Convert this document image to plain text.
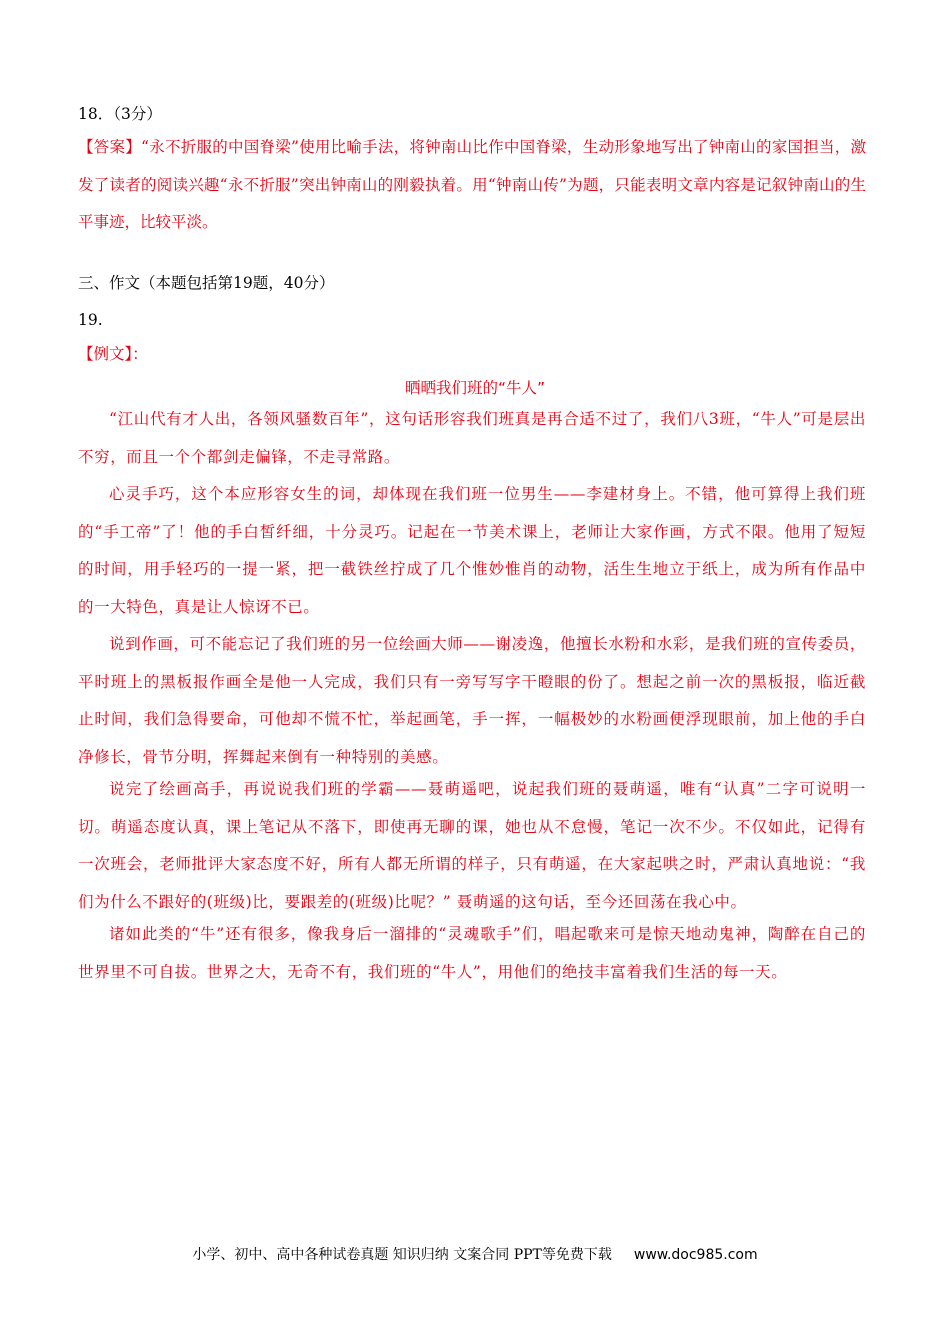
18．（3分）

【答案】“永不折服的中国脊梁”使用比喻手法，将钟南山比作中国脊梁，生动形象地写出了钟南山的家国担当，激发了读者的阅读兴趣“永不折服”突出钟南山的刚毅执着。用“钟南山传”为题，只能表明文章内容是记叙钟南山的生平事迹，比较平淡。

三、作文（本题包括第19题，40分）
19.
【例文】：
晒晒我们班的“牛人”

“江山代有才人出，各领风骚数百年”，这句话形容我们班真是再合适不过了，我们八3班，“牛人”可是层出不穷，而且一个个都剑走偏锋，不走寻常路。

心灵手巧，这个本应形容女生的词，却体现在我们班一位男生——李建材身上。不错，他可算得上我们班的“手工帝”了！他的手白皙纤细，十分灵巧。记起在一节美术课上，老师让大家作画，方式不限。他用了短短的时间，用手轻巧的一提一紧，把一截铁丝拧成了几个惟妙惟肖的动物，活生生地立于纸上，成为所有作品中的一大特色，真是让人惊讶不已。

说到作画，可不能忘记了我们班的另一位绘画大师——谢凌逸，他擅长水粉和水彩，是我们班的宣传委员，平时班上的黑板报作画全是他一人完成，我们只有一旁写写字干瞪眼的份了。想起之前一次的黑板报，临近截止时间，我们急得要命，可他却不慌不忙，举起画笔，手一挥，一幅极妙的水粉画便浮现眼前，加上他的手白净修长，骨节分明，挥舞起来倒有一种特别的美感。

说完了绘画高手，再说说我们班的学霸——聂萌遥吧，说起我们班的聂萌遥，唯有“认真”二字可说明一切。萌遥态度认真，课上笔记从不落下，即使再无聊的课，她也从不怠慢，笔记一次不少。不仅如此，记得有一次班会，老师批评大家态度不好，所有人都无所谓的样子，只有萌遥，在大家起哄之时，严肃认真地说：“我们为什么不跟好的(班级)比，要跟差的(班级)比呢？” 聂萌遥的这句话，至今还回荡在我心中。

诸如此类的“牛”还有很多，像我身后一溜排的“灵魂歌手”们，唱起歌来可是惊天地动鬼神，陶醉在自己的世界里不可自拔。世界之大，无奇不有，我们班的“牛人”，用他们的绝技丰富着我们生活的每一天。

小学、初中、高中各种试卷真题 知识归纳 文案合同 PPT等免费下载 www.doc985.com
